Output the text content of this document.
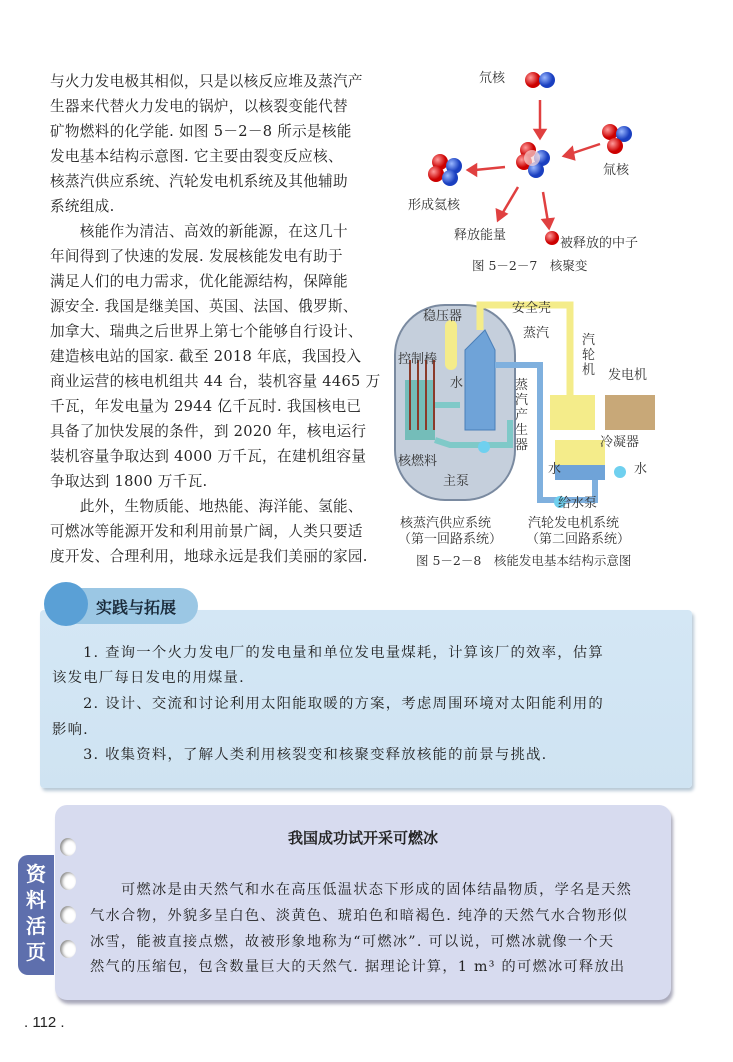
与火力发电极其相似，只是以核反应堆及蒸汽产
生器来代替火力发电的锅炉，以核裂变能代替
矿物燃料的化学能. 如图 5－2－8 所示是核能
发电基本结构示意图. 它主要由裂变反应核、
核蒸汽供应系统、汽轮发电机系统及其他辅助
系统组成.
　　核能作为清洁、高效的新能源，在这几十
年间得到了快速的发展. 发展核能发电有助于
满足人们的电力需求，优化能源结构，保障能
源安全. 我国是继美国、英国、法国、俄罗斯、
加拿大、瑞典之后世界上第七个能够自行设计、
建造核电站的国家. 截至 2018 年底，我国投入
商业运营的核电机组共 44 台，装机容量 4465 万
千瓦，年发电量为 2944 亿千瓦时. 我国核电已
具备了加快发展的条件，到 2020 年，核电运行
装机容量争取达到 4000 万千瓦，在建机组容量
争取达到 1800 万千瓦.
　　此外，生物质能、地热能、海洋能、氢能、
可燃冰等能源开发和利用前景广阔，人类只要适
度开发、合理利用，地球永远是我们美丽的家园.
氘核
氚核
形成氦核
释放能量
被释放的中子
图 5－2－7　核聚变
安全壳
稳压器
蒸汽
控制棒
水
汽
轮
机 发电机
蒸
汽
产
生
器	冷凝器
核燃料
水	水
主泵
给水泵
核蒸汽供应系统
（第一回路系统）
汽轮发电机系统
（第二回路系统）
图 5－2－8　核能发电基本结构示意图
实践与拓展
　　1. 查询一个火力发电厂的发电量和单位发电量煤耗，计算该厂的效率，估算
该发电厂每日发电的用煤量.
　　2. 设计、交流和讨论利用太阳能取暖的方案，考虑周围环境对太阳能利用的
影响.
　　3. 收集资料，了解人类利用核裂变和核聚变释放核能的前景与挑战.
资料活页
我国成功试开采可燃冰
　　可燃冰是由天然气和水在高压低温状态下形成的固体结晶物质，学名是天然
气水合物，外貌多呈白色、淡黄色、琥珀色和暗褐色. 纯净的天然气水合物形似
冰雪，能被直接点燃，故被形象地称为“可燃冰”. 可以说，可燃冰就像一个天
然气的压缩包，包含数量巨大的天然气. 据理论计算，1 m³ 的可燃冰可释放出
. 112 .
